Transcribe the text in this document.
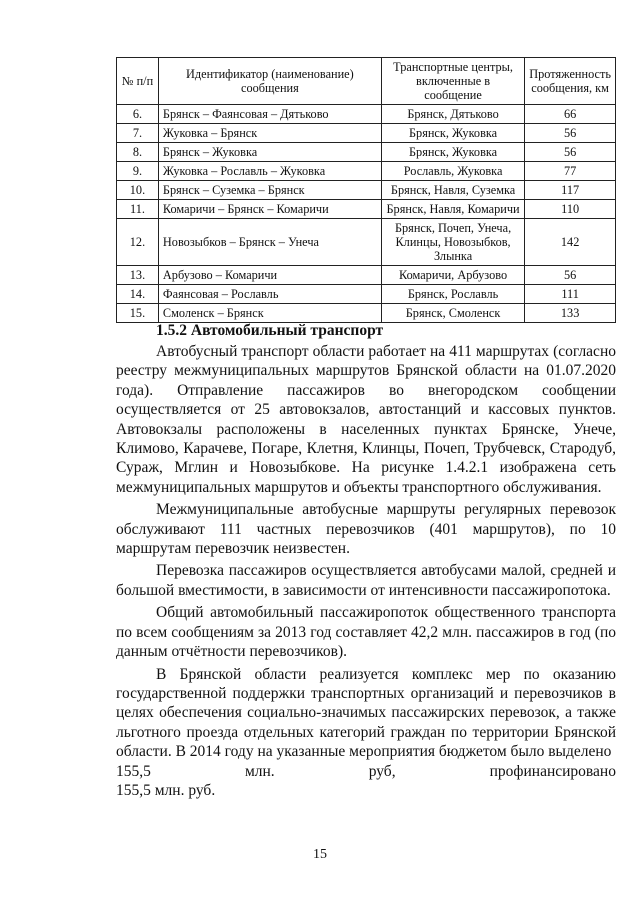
№ п/п	Идентификатор (наименование) сообщения	Транспортные центры, включенные в сообщение	Протяженность сообщения, км
6.	Брянск – Фаянсовая – Дятьково	Брянск, Дятьково	66
7.	Жуковка – Брянск	Брянск, Жуковка	56
8.	Брянск – Жуковка	Брянск, Жуковка	56
9.	Жуковка – Рославль – Жуковка	Рославль, Жуковка	77
10.	Брянск – Суземка – Брянск	Брянск, Навля, Суземка	117
11.	Комаричи – Брянск – Комаричи	Брянск, Навля, Комаричи	110
12.	Новозыбков – Брянск – Унеча	Брянск, Почеп, Унеча, Клинцы, Новозыбков, Злынка	142
13.	Арбузово – Комаричи	Комаричи, Арбузово	56
14.	Фаянсовая – Рославль	Брянск, Рославль	111
15.	Смоленск – Брянск	Брянск, Смоленск	133
1.5.2 Автомобильный транспорт

Автобусный транспорт области работает на 411 маршрутах (согласно реестру межмуниципальных маршрутов Брянской области на 01.07.2020 года). Отправление пассажиров во внегородском сообщении осуществляется от 25 автовокзалов, автостанций и кассовых пунктов. Автовокзалы расположены в населенных пунктах Брянске, Унече, Климово, Карачеве, Погаре, Клетня, Клинцы, Почеп, Трубчевск, Стародуб, Сураж, Мглин и Новозыбкове. На рисунке 1.4.2.1 изображена сеть межмуниципальных маршрутов и объекты транспортного обслуживания.

Межмуниципальные автобусные маршруты регулярных перевозок обслуживают 111 частных перевозчиков (401 маршрутов), по 10 маршрутам перевозчик неизвестен.

Перевозка пассажиров осуществляется автобусами малой, средней и большой вместимости, в зависимости от интенсивности пассажиропотока.

Общий автомобильный пассажиропоток общественного транспорта по всем сообщениям за 2013 год составляет 42,2 млн. пассажиров в год (по данным отчётности перевозчиков).

В Брянской области реализуется комплекс мер по оказанию государственной поддержки транспортных организаций и перевозчиков в целях обеспечения социально-значимых пассажирских перевозок, а также льготного проезда отдельных категорий граждан по территории Брянской области. В 2014 году на указанные мероприятия бюджетом было выделено

155,5	млн.	руб,	профинансировано

155,5 млн. руб.

15
